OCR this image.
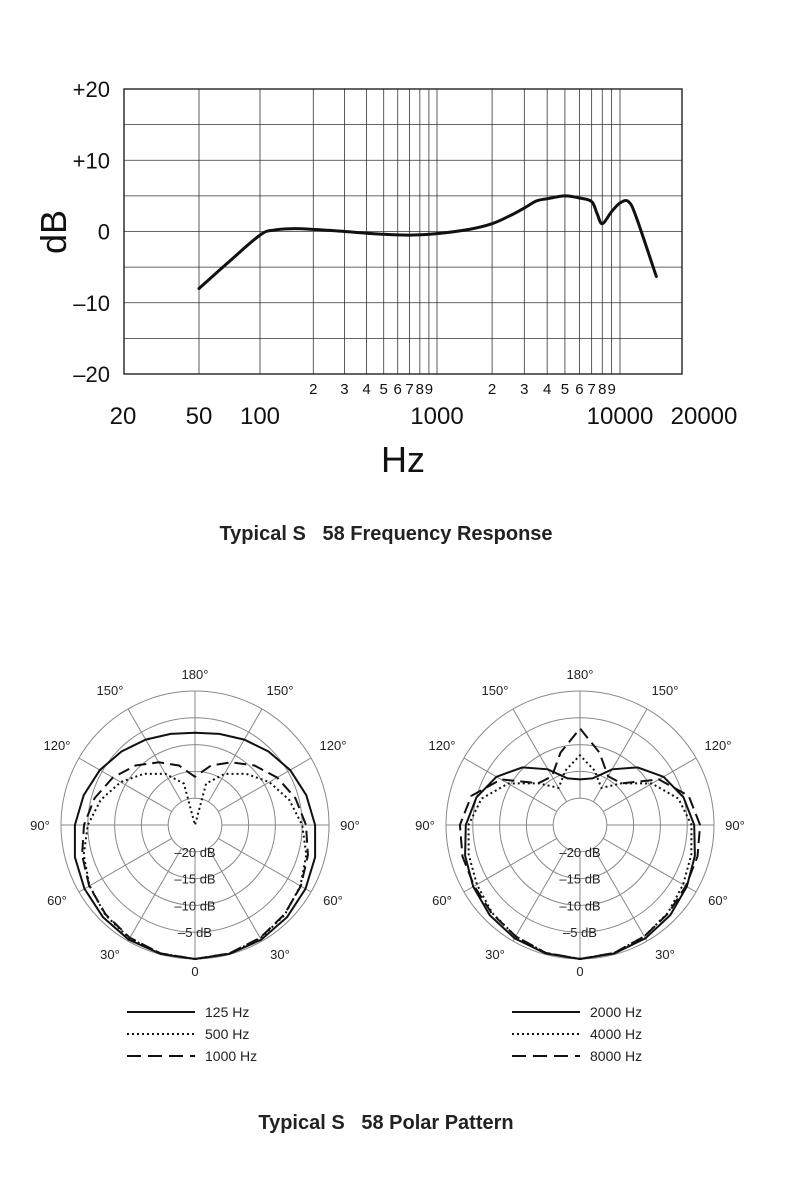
+20
+10
0
–10
–20
20 50 100	1000	10000 20000
2 3 4 5 6 7 8 9	2 3 4 5 6 7 8 9
dB
Hz
Typical S   58 Frequency Response
180°
150°	150°
120°	120°
90°	90°
60°	60°
30°	30°
0
–20 dB
–15 dB
–10 dB
–5 dB
125 Hz
500 Hz
1000 Hz
180°
150°	150°
120°	120°
90°	90°
60°	60°
30°	30°
0
–20 dB
–15 dB
–10 dB
–5 dB
2000 Hz
4000 Hz
8000 Hz
Typical S   58 Polar Pattern
